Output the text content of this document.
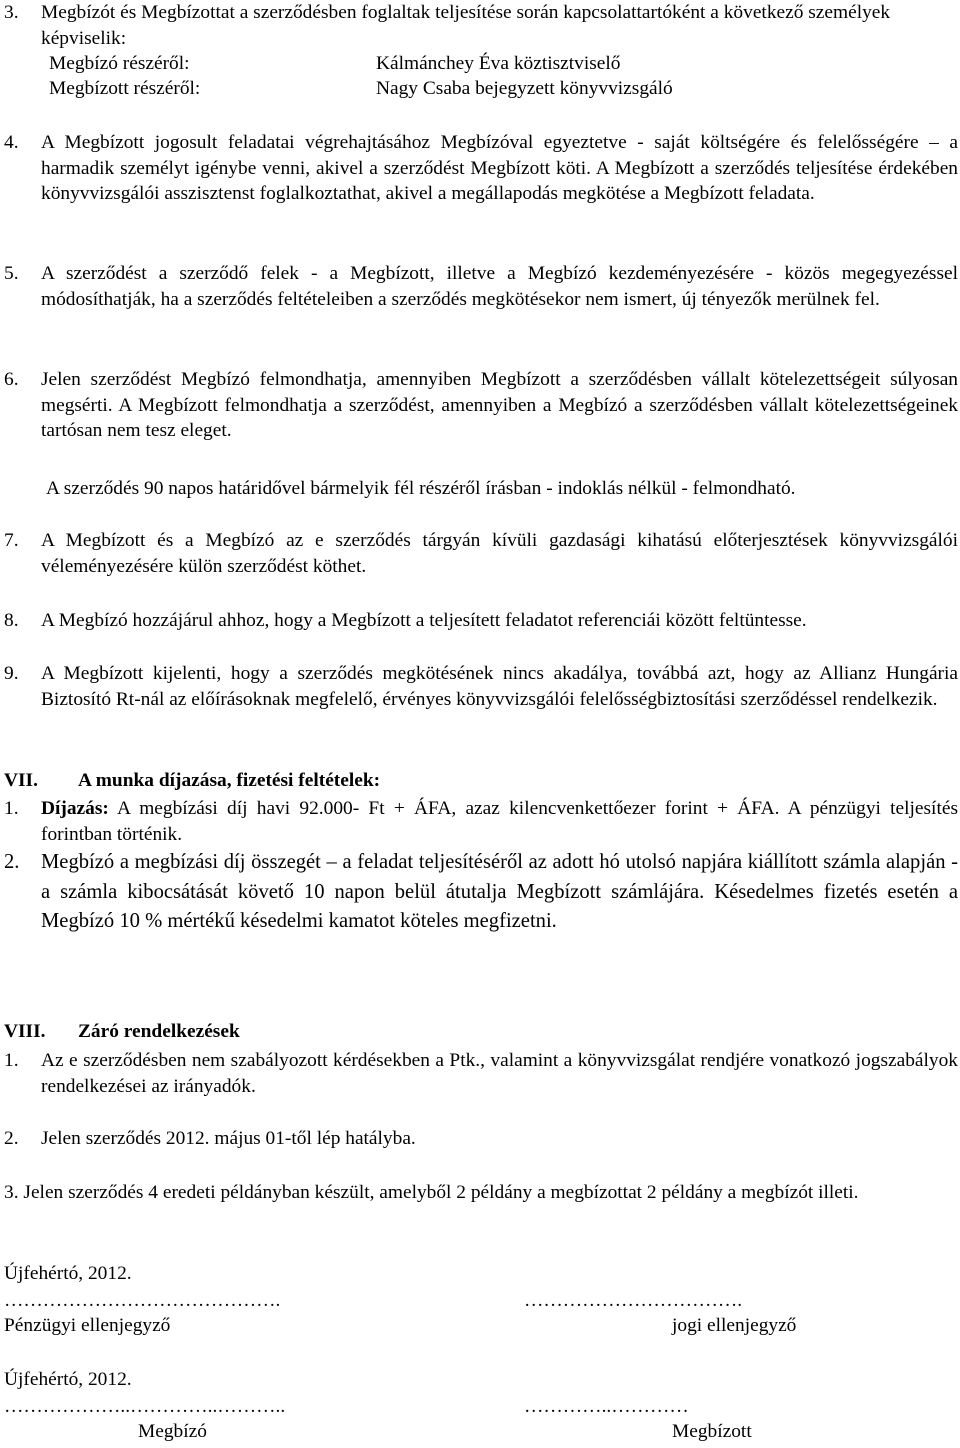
3. Megbízót és Megbízottat a szerződésben foglaltak teljesítése során kapcsolattartóként a következő személyek képviselik:
Megbízó részéről:	Kálmánchey Éva köztisztviselő
Megbízott részéről:	Nagy Csaba bejegyzett könyvvizsgáló
4. A Megbízott jogosult feladatai végrehajtásához Megbízóval egyeztetve - saját költségére és felelősségére – a harmadik személyt igénybe venni, akivel a szerződést Megbízott köti. A Megbízott a szerződés teljesítése érdekében könyvvizsgálói asszisztenst foglalkoztathat, akivel a megállapodás megkötése a Megbízott feladata.
5. A szerződést a szerződő felek - a Megbízott, illetve a Megbízó kezdeményezésére - közös megegyezéssel módosíthatják, ha a szerződés feltételeiben a szerződés megkötésekor nem ismert, új tényezők merülnek fel.
6. Jelen szerződést Megbízó felmondhatja, amennyiben Megbízott a szerződésben vállalt kötelezettségeit súlyosan megsérti. A Megbízott felmondhatja a szerződést, amennyiben a Megbízó a szerződésben vállalt kötelezettségeinek tartósan nem tesz eleget.
A szerződés 90 napos határidővel bármelyik fél részéről írásban - indoklás nélkül - felmondható.
7. A Megbízott és a Megbízó az e szerződés tárgyán kívüli gazdasági kihatású előterjesztések könyvvizsgálói véleményezésére külön szerződést köthet.
8. A Megbízó hozzájárul ahhoz, hogy a Megbízott a teljesített feladatot referenciái között feltüntesse.
9. A Megbízott kijelenti, hogy a szerződés megkötésének nincs akadálya, továbbá azt, hogy az Allianz Hungária Biztosító Rt-nál az előírásoknak megfelelő, érvényes könyvvizsgálói felelősségbiztosítási szerződéssel rendelkezik.
VII. A munka díjazása, fizetési feltételek:
1. Díjazás: A megbízási díj havi 92.000- Ft + ÁFA, azaz kilencvenkettőezer forint + ÁFA. A pénzügyi teljesítés forintban történik.
2. Megbízó a megbízási díj összegét – a feladat teljesítéséről az adott hó utolsó napjára kiállított számla alapján - a számla kibocsátását követő 10 napon belül átutalja Megbízott számlájára. Késedelmes fizetés esetén a Megbízó 10 % mértékű késedelmi kamatot köteles megfizetni.
VIII. Záró rendelkezések
1. Az e szerződésben nem szabályozott kérdésekben a Ptk., valamint a könyvvizsgálat rendjére vonatkozó jogszabályok rendelkezései az irányadók.
2. Jelen szerződés 2012. május 01-től lép hatályba.
3. Jelen szerződés 4 eredeti példányban készült, amelyből 2 példány a megbízottat 2 példány a megbízót illeti.
Újfehértó, 2012.
…………………………………….	…………………………….
Pénzügyi ellenjegyző	jogi ellenjegyző
Újfehértó, 2012.
………………..…………..………..	…………..…………
Megbízó	Megbízott
